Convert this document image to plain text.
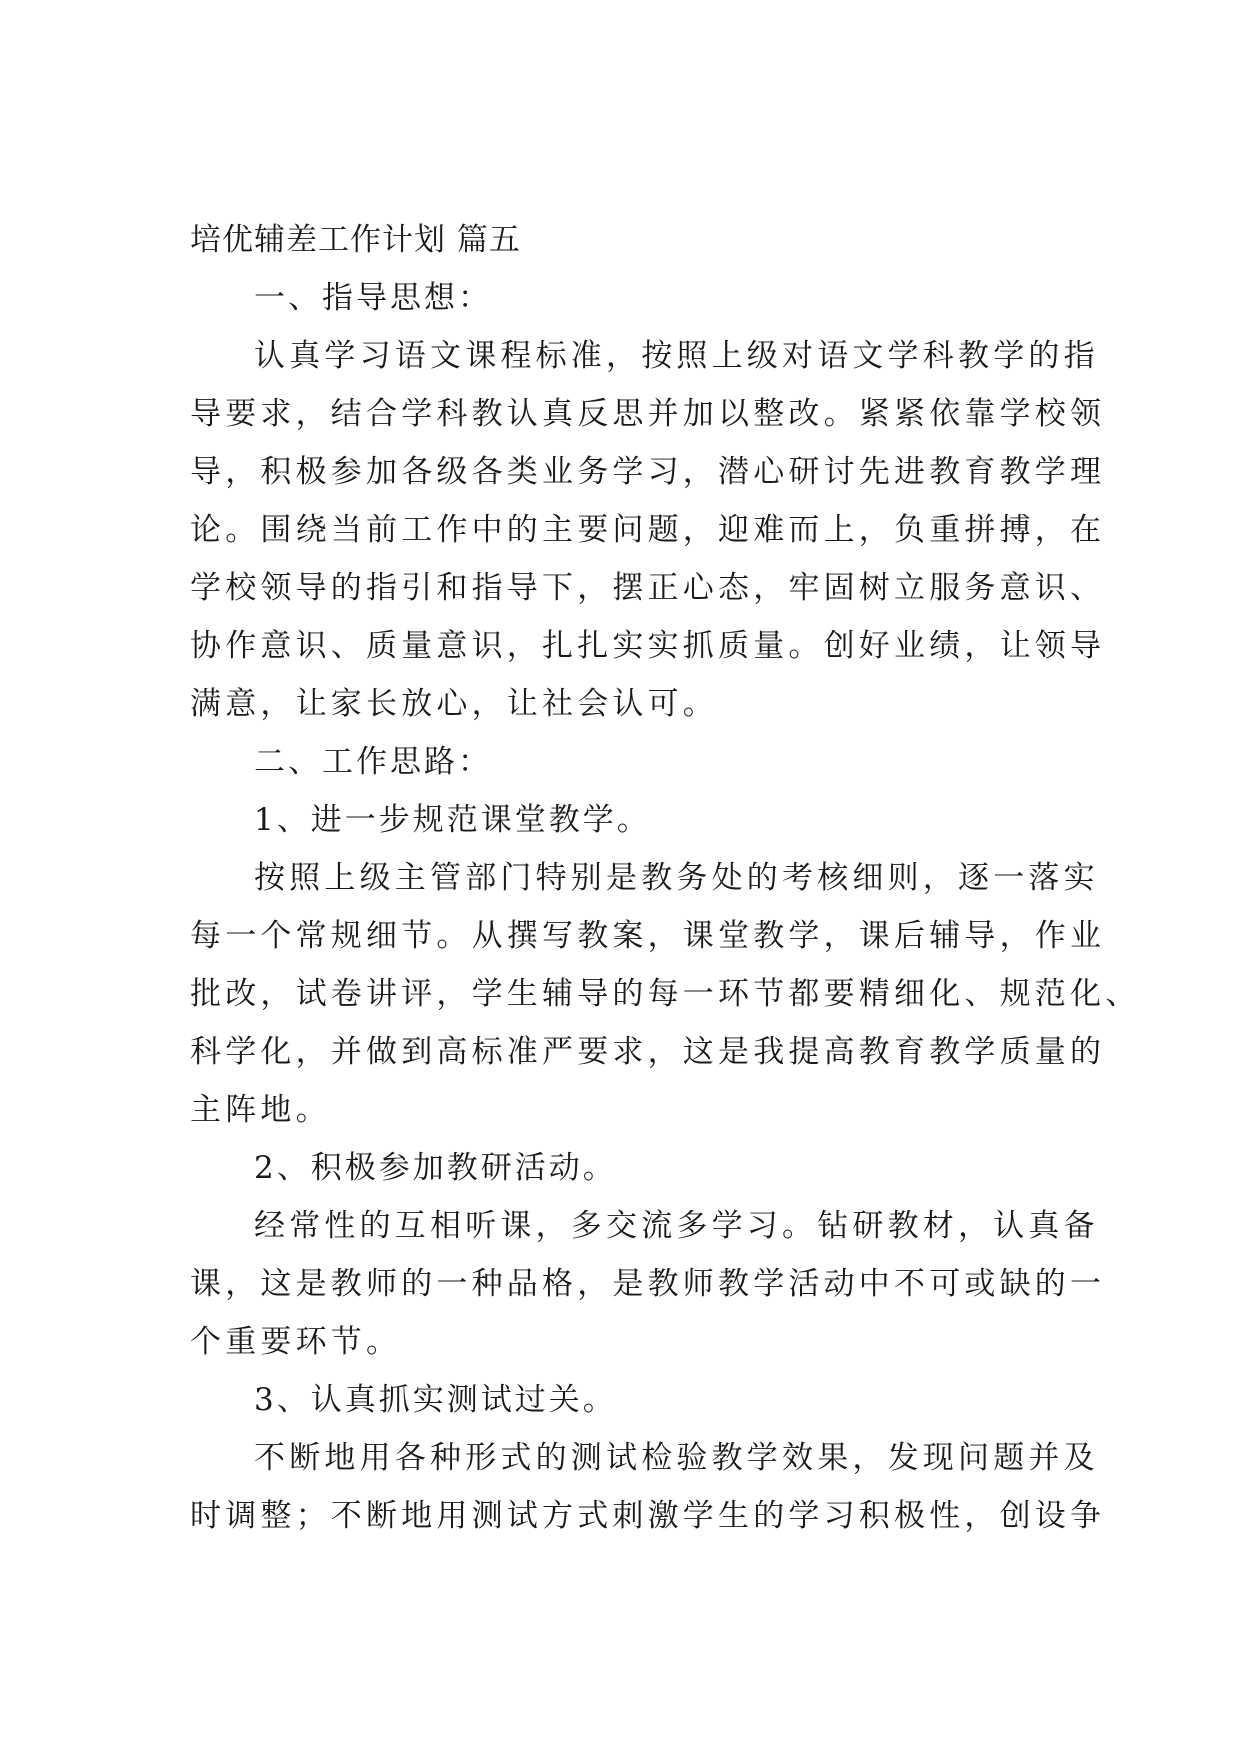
培优辅差工作计划 篇五
一、指导思想：
认真学习语文课程标准，按照上级对语文学科教学的指
导要求，结合学科教认真反思并加以整改。紧紧依靠学校领
导，积极参加各级各类业务学习，潜心研讨先进教育教学理
论。围绕当前工作中的主要问题，迎难而上，负重拼搏，在
学校领导的指引和指导下，摆正心态，牢固树立服务意识、
协作意识、质量意识，扎扎实实抓质量。创好业绩，让领导
满意，让家长放心，让社会认可。
二、工作思路：
1、进一步规范课堂教学。
按照上级主管部门特别是教务处的考核细则，逐一落实
每一个常规细节。从撰写教案，课堂教学，课后辅导，作业
批改，试卷讲评，学生辅导的每一环节都要精细化、规范化、
科学化，并做到高标准严要求，这是我提高教育教学质量的
主阵地。
2、积极参加教研活动。
经常性的互相听课，多交流多学习。钻研教材，认真备
课，这是教师的一种品格，是教师教学活动中不可或缺的一
个重要环节。
3、认真抓实测试过关。
不断地用各种形式的测试检验教学效果，发现问题并及
时调整；不断地用测试方式刺激学生的学习积极性，创设争
